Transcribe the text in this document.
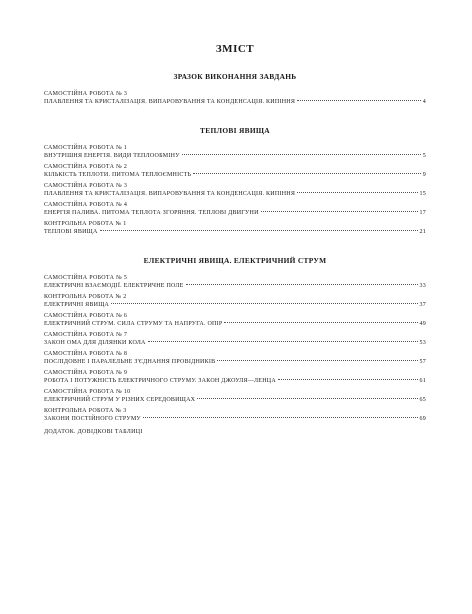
ЗМІСТ
ЗРАЗОК ВИКОНАННЯ ЗАВДАНЬ
САМОСТІЙНА РОБОТА № 3
ПЛАВЛЕННЯ ТА КРИСТАЛІЗАЦІЯ. ВИПАРОВУВАННЯ ТА КОНДЕНСАЦІЯ. КИПІННЯ	4
ТЕПЛОВІ ЯВИЩА
САМОСТІЙНА РОБОТА № 1
ВНУТРІШНЯ ЕНЕРГІЯ. ВИДИ ТЕПЛООБМІНУ	5
САМОСТІЙНА РОБОТА № 2
КІЛЬКІСТЬ ТЕПЛОТИ. ПИТОМА ТЕПЛОЄМНІСТЬ	9
САМОСТІЙНА РОБОТА № 3
ПЛАВЛЕННЯ ТА КРИСТАЛІЗАЦІЯ. ВИПАРОВУВАННЯ ТА КОНДЕНСАЦІЯ. КИПІННЯ	15
САМОСТІЙНА РОБОТА № 4
ЕНЕРГІЯ ПАЛИВА. ПИТОМА ТЕПЛОТА ЗГОРЯННЯ. ТЕПЛОВІ ДВИГУНИ	17
КОНТРОЛЬНА РОБОТА № 1
ТЕПЛОВІ ЯВИЩА	21
ЕЛЕКТРИЧНІ ЯВИЩА. ЕЛЕКТРИЧНИЙ СТРУМ
САМОСТІЙНА РОБОТА № 5
ЕЛЕКТРИЧНІ ВЗАЄМОДІЇ. ЕЛЕКТРИЧНЕ ПОЛЕ	33
КОНТРОЛЬНА РОБОТА № 2
ЕЛЕКТРИЧНІ ЯВИЩА	37
САМОСТІЙНА РОБОТА № 6
ЕЛЕКТРИЧНИЙ СТРУМ. СИЛА СТРУМУ ТА НАПРУГА. ОПІР	49
САМОСТІЙНА РОБОТА № 7
ЗАКОН ОМА ДЛЯ ДІЛЯНКИ КОЛА	53
САМОСТІЙНА РОБОТА № 8
ПОСЛІДОВНЕ І ПАРАЛЕЛЬНЕ З'ЄДНАННЯ ПРОВІДНИКІВ	57
САМОСТІЙНА РОБОТА № 9
РОБОТА І ПОТУЖНІСТЬ ЕЛЕКТРИЧНОГО СТРУМУ. ЗАКОН ДЖОУЛЯ—ЛЕНЦА	61
САМОСТІЙНА РОБОТА № 10
ЕЛЕКТРИЧНИЙ СТРУМ У РІЗНИХ СЕРЕДОВИЩАХ	65
КОНТРОЛЬНА РОБОТА № 3
ЗАКОНИ ПОСТІЙНОГО СТРУМУ	69
ДОДАТОК. ДОВІДКОВІ ТАБЛИЦІ
